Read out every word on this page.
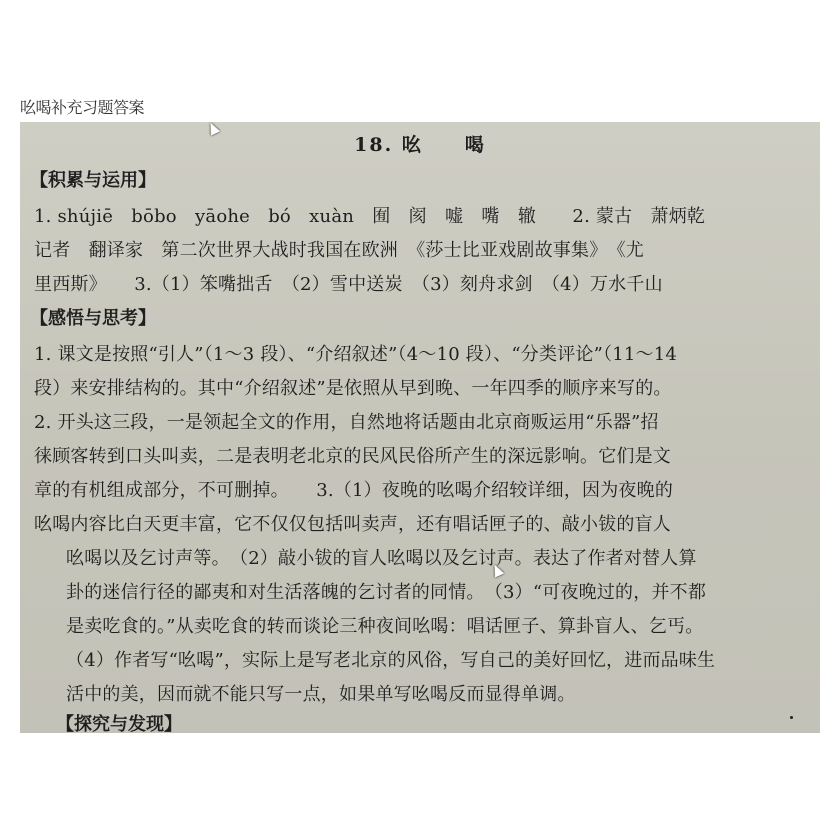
吆喝补充习题答案
18. 吆　　喝
【积累与运用】
1. shújiē　bōbo　yāohe　bó　xuàn　囿　阂　嘘　嘴　辙　　2. 蒙古　萧炳乾
记者　翻译家　第二次世界大战时我国在欧洲　《莎士比亚戏剧故事集》　《尤
里西斯》　　3.（1）笨嘴拙舌　（2）雪中送炭　（3）刻舟求剑　（4）万水千山
【感悟与思考】
1. 课文是按照“引人”（1～3 段）、“介绍叙述”（4～10 段）、“分类评论”（11～14
段）来安排结构的。其中“介绍叙述”是依照从早到晚、一年四季的顺序来写的。
2. 开头这三段，一是领起全文的作用，自然地将话题由北京商贩运用“乐器”招
徕顾客转到口头叫卖，二是表明老北京的民风民俗所产生的深远影响。它们是文
章的有机组成部分，不可删掉。　　3.（1）夜晚的吆喝介绍较详细，因为夜晚的
吆喝内容比白天更丰富，它不仅仅包括叫卖声，还有唱话匣子的、敲小钹的盲人
吆喝以及乞讨声等。　（2）敲小钹的盲人吆喝以及乞讨声。表达了作者对替人算
卦的迷信行径的鄙夷和对生活落魄的乞讨者的同情。　（3）“可夜晚过的，并不都
是卖吃食的。”从卖吃食的转而谈论三种夜间吆喝：唱话匣子、算卦盲人、乞丐。
（4）作者写“吆喝”，实际上是写老北京的风俗，写自己的美好回忆，进而品味生
活中的美，因而就不能只写一点，如果单写吆喝反而显得单调。
【探究与发现】
